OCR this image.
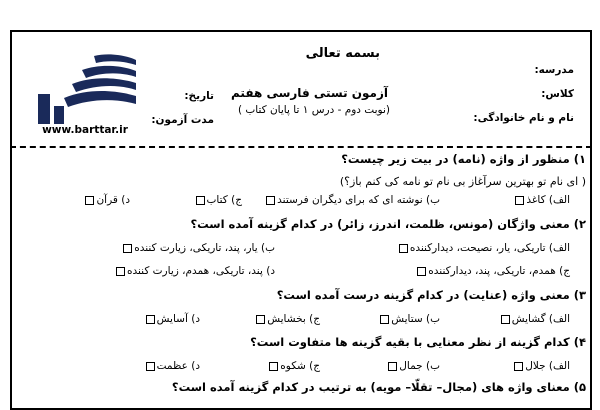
www.barttar.ir
بسمه تعالی
مدرسه:
آزمون تستی فارسی هفتم
(نوبت دوم - درس ۱ تا پایان کتاب )
کلاس:
نام و نام خانوادگی:
تاریخ:
مدت آزمون:
۱) منظور از واژه (نامه) در بیت زیر چیست؟
( ای نام تو بهترین سرآغاز بی نام تو نامه کی کنم باز؟)
الف) کاغذ
ب) نوشته ای که برای دیگران فرستند
ج) کتاب
د) قرآن
۲) معنی واژگان (مونس، ظلمت، اندرز، زائر) در کدام گزینه آمده است؟
الف) تاریکی، یار، نصیحت، دیدارکننده
ب) یار، پند، تاریکی، زیارت کننده
ج) همدم، تاریکی، پند، دیدارکننده
د) پند، تاریکی، همدم، زیارت کننده
۳) معنی واژه (عنایت) در کدام گزینه درست آمده است؟
الف) گشایش
ب) ستایش
ج) بخشایش
د) آسایش
۴) کدام گزینه از نظر معنایی با بقیه گزینه ها متفاوت است؟
الف) جلال
ب) جمال
ج) شکوه
د) عظمت
۵) معنای واژه های (مجال– تقلّا– مویه) به ترتیب در کدام گزینه آمده است؟
